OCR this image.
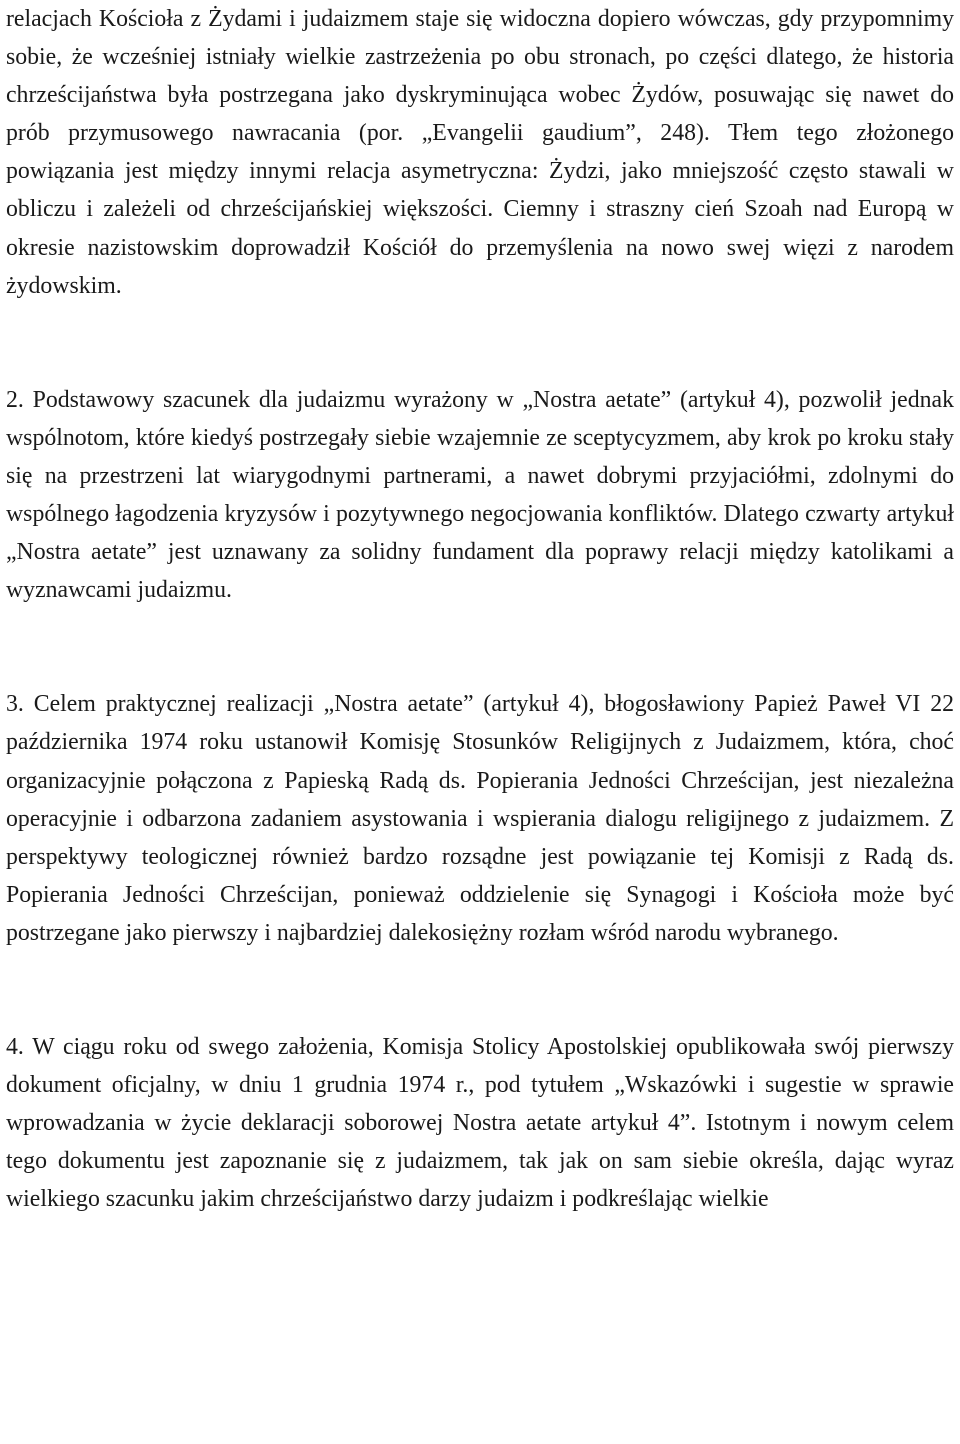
relacjach Kościoła z Żydami i judaizmem staje się widoczna dopiero wówczas, gdy przypomnimy sobie, że wcześniej istniały wielkie zastrzeżenia po obu stronach, po części dlatego, że historia chrześcijaństwa była postrzegana jako dyskryminująca wobec Żydów, posuwając się nawet do prób przymusowego nawracania (por. „Evangelii gaudium”, 248). Tłem tego złożonego powiązania jest między innymi relacja asymetryczna: Żydzi, jako mniejszość często stawali w obliczu i zależeli od chrześcijańskiej większości. Ciemny i straszny cień Szoah nad Europą w okresie nazistowskim doprowadził Kościół do przemyślenia na nowo swej więzi z narodem żydowskim.

2. Podstawowy szacunek dla judaizmu wyrażony w „Nostra aetate” (artykuł 4), pozwolił jednak wspólnotom, które kiedyś postrzegały siebie wzajemnie ze sceptycyzmem, aby krok po kroku stały się na przestrzeni lat wiarygodnymi partnerami, a nawet dobrymi przyjaciółmi, zdolnymi do wspólnego łagodzenia kryzysów i pozytywnego negocjowania konfliktów. Dlatego czwarty artykuł „Nostra aetate” jest uznawany za solidny fundament dla poprawy relacji między katolikami a wyznawcami judaizmu.

3. Celem praktycznej realizacji „Nostra aetate” (artykuł 4), błogosławiony Papież Paweł VI 22 października 1974 roku ustanowił Komisję Stosunków Religijnych z Judaizmem, która, choć organizacyjnie połączona z Papieską Radą ds. Popierania Jedności Chrześcijan, jest niezależna operacyjnie i odbarzona zadaniem asystowania i wspierania dialogu religijnego z judaizmem. Z perspektywy teologicznej również bardzo rozsądne jest powiązanie tej Komisji z Radą ds. Popierania Jedności Chrześcijan, ponieważ oddzielenie się Synagogi i Kościoła może być postrzegane jako pierwszy i najbardziej dalekosiężny rozłam wśród narodu wybranego.

4. W ciągu roku od swego założenia, Komisja Stolicy Apostolskiej opublikowała swój pierwszy dokument oficjalny, w dniu 1 grudnia 1974 r., pod tytułem „Wskazówki i sugestie w sprawie wprowadzania w życie deklaracji soborowej Nostra aetate artykuł 4”. Istotnym i nowym celem tego dokumentu jest zapoznanie się z judaizmem, tak jak on sam siebie określa, dając wyraz wielkiego szacunku jakim chrześcijaństwo darzy judaizm i podkreślając wielkie
